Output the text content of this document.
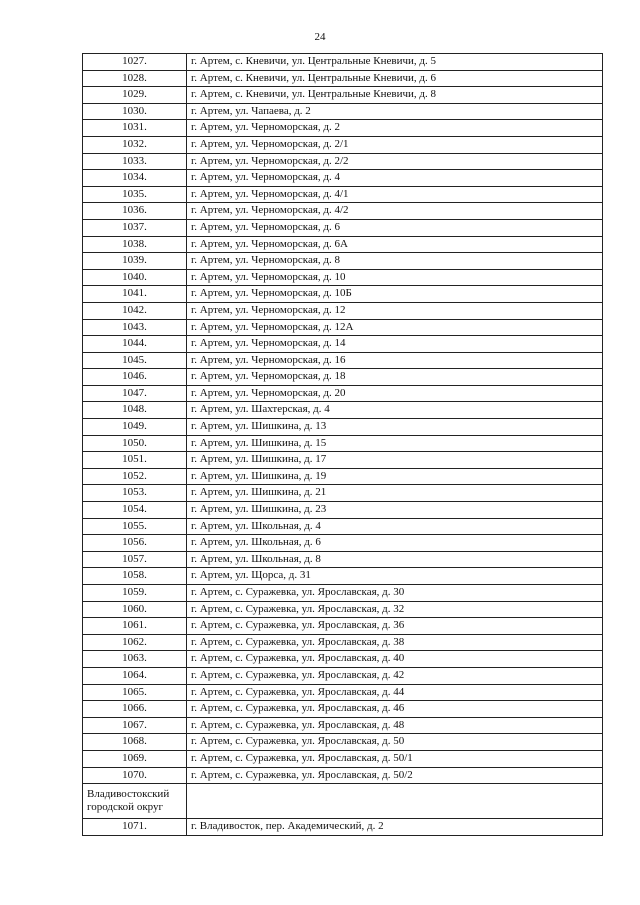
24
1027.	г. Артем, с. Кневичи, ул. Центральные Кневичи, д. 5
1028.	г. Артем, с. Кневичи, ул. Центральные Кневичи, д. 6
1029.	г. Артем, с. Кневичи, ул. Центральные Кневичи, д. 8
1030.	г. Артем, ул. Чапаева, д. 2
1031.	г. Артем, ул. Черноморская, д. 2
1032.	г. Артем, ул. Черноморская, д. 2/1
1033.	г. Артем, ул. Черноморская, д. 2/2
1034.	г. Артем, ул. Черноморская, д. 4
1035.	г. Артем, ул. Черноморская, д. 4/1
1036.	г. Артем, ул. Черноморская, д. 4/2
1037.	г. Артем, ул. Черноморская, д. 6
1038.	г. Артем, ул. Черноморская, д. 6А
1039.	г. Артем, ул. Черноморская, д. 8
1040.	г. Артем, ул. Черноморская, д. 10
1041.	г. Артем, ул. Черноморская, д. 10Б
1042.	г. Артем, ул. Черноморская, д. 12
1043.	г. Артем, ул. Черноморская, д. 12А
1044.	г. Артем, ул. Черноморская, д. 14
1045.	г. Артем, ул. Черноморская, д. 16
1046.	г. Артем, ул. Черноморская, д. 18
1047.	г. Артем, ул. Черноморская, д. 20
1048.	г. Артем, ул. Шахтерская, д. 4
1049.	г. Артем, ул. Шишкина, д. 13
1050.	г. Артем, ул. Шишкина, д. 15
1051.	г. Артем, ул. Шишкина, д. 17
1052.	г. Артем, ул. Шишкина, д. 19
1053.	г. Артем, ул. Шишкина, д. 21
1054.	г. Артем, ул. Шишкина, д. 23
1055.	г. Артем, ул. Школьная, д. 4
1056.	г. Артем, ул. Школьная, д. 6
1057.	г. Артем, ул. Школьная, д. 8
1058.	г. Артем, ул. Щорса, д. 31
1059.	г. Артем, с. Суражевка, ул. Ярославская, д. 30
1060.	г. Артем, с. Суражевка, ул. Ярославская, д. 32
1061.	г. Артем, с. Суражевка, ул. Ярославская, д. 36
1062.	г. Артем, с. Суражевка, ул. Ярославская, д. 38
1063.	г. Артем, с. Суражевка, ул. Ярославская, д. 40
1064.	г. Артем, с. Суражевка, ул. Ярославская, д. 42
1065.	г. Артем, с. Суражевка, ул. Ярославская, д. 44
1066.	г. Артем, с. Суражевка, ул. Ярославская, д. 46
1067.	г. Артем, с. Суражевка, ул. Ярославская, д. 48
1068.	г. Артем, с. Суражевка, ул. Ярославская, д. 50
1069.	г. Артем, с. Суражевка, ул. Ярославская, д. 50/1
1070.	г. Артем, с. Суражевка, ул. Ярославская, д. 50/2
Владивостокский городской округ	
1071.	г. Владивосток, пер. Академический, д. 2
